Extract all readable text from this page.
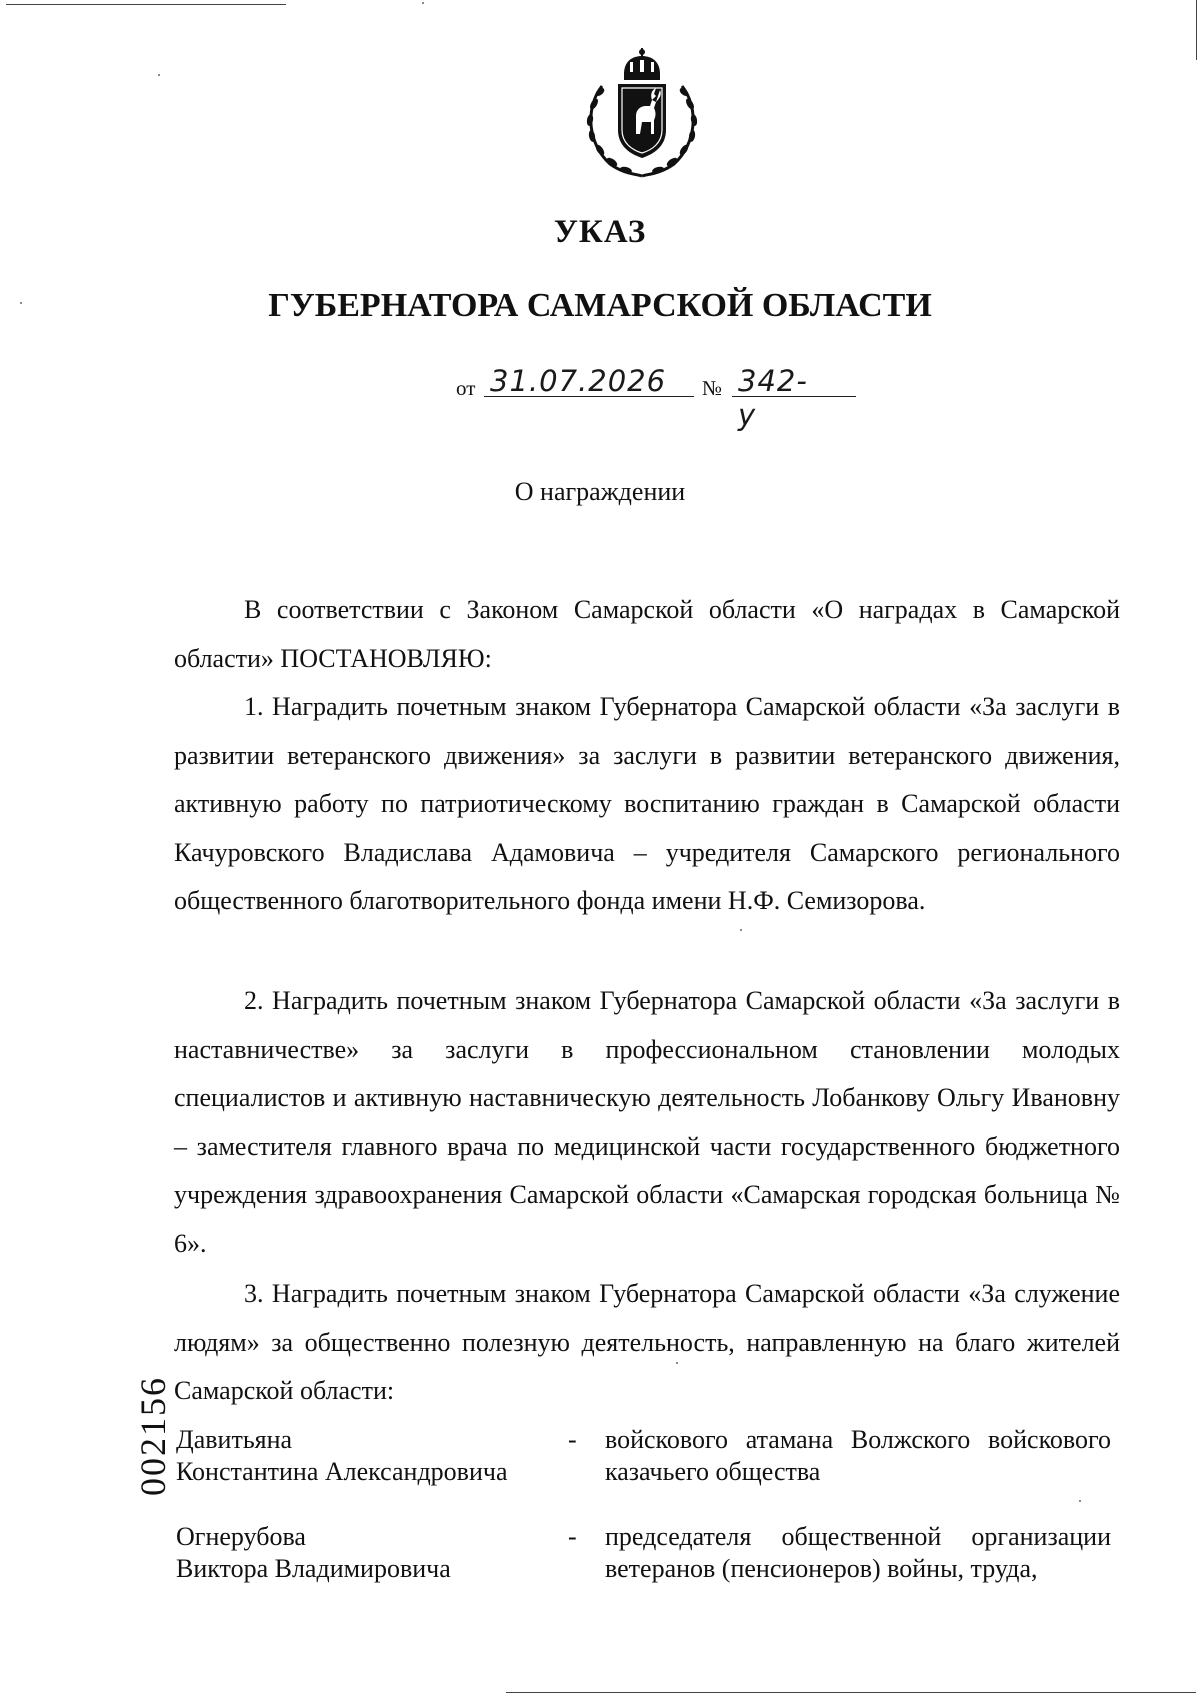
УКАЗ
ГУБЕРНАТОРА САМАРСКОЙ ОБЛАСТИ
от 31.07.2026 № 342-у
О награждении

В соответствии с Законом Самарской области «О наградах в Самарской области» ПОСТАНОВЛЯЮ:

1. Наградить почетным знаком Губернатора Самарской области «За заслуги в развитии ветеранского движения» за заслуги в развитии ветеранского движения, активную работу по патриотическому воспитанию граждан в Самарской области Качуровского Владислава Адамовича – учредителя Самарского регионального общественного благотворительного фонда имени Н.Ф. Семизорова.

2. Наградить почетным знаком Губернатора Самарской области «За заслуги в наставничестве» за заслуги в профессиональном становлении молодых специалистов и активную наставническую деятельность Лобанкову Ольгу Ивановну – заместителя главного врача по медицинской части государственного бюджетного учреждения здравоохранения Самарской области «Самарская городская больница № 6».

3. Наградить почетным знаком Губернатора Самарской области «За служение людям» за общественно полезную деятельность, направленную на благо жителей Самарской области:

Давитьяна
Константина Александровича
- войскового атамана Волжского войскового казачьего общества
Огнерубова
Виктора Владимировича
- председателя общественной организации ветеранов (пенсионеров) войны, труда,
002156
